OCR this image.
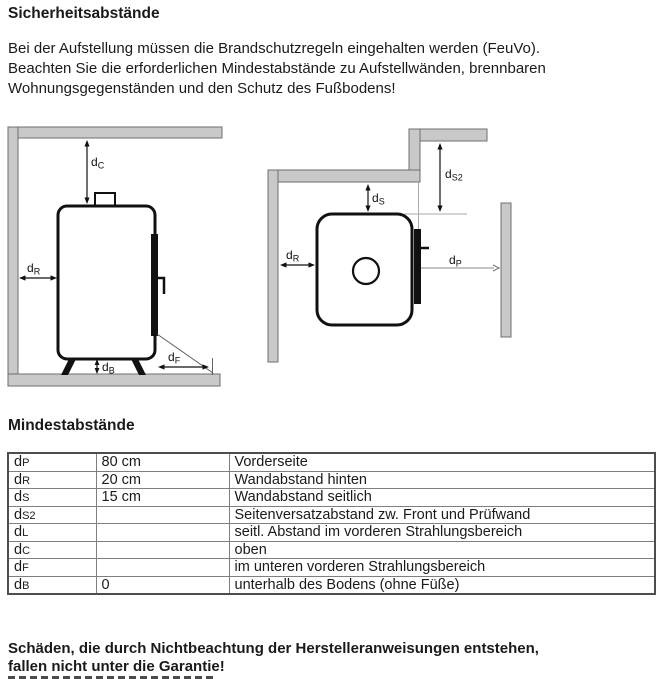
Sicherheitsabstände
Bei der Aufstellung müssen die Brandschutzregeln eingehalten werden (FeuVo).
Beachten Sie die erforderlichen Mindestabstände zu Aufstellwänden, brennbaren
Wohnungsgegenständen und den Schutz des Fußbodens!
$d_C$
$d_R$
$d_B$
$d_F$
$d_S$
$d_{S2}$
$d_R$	$d_P$
Mindestabstände
dP	80 cm	Vorderseite
dR	20 cm	Wandabstand hinten
dS	15 cm	Wandabstand seitlich
dS2		Seitenversatzabstand zw. Front und Prüfwand
dL		seitl. Abstand im vorderen Strahlungsbereich
dC		oben
dF		im unteren vorderen Strahlungsbereich
dB	0	unterhalb des Bodens (ohne Füße)
Schäden, die durch Nichtbeachtung der Herstelleranweisungen entstehen,
fallen nicht unter die Garantie!
